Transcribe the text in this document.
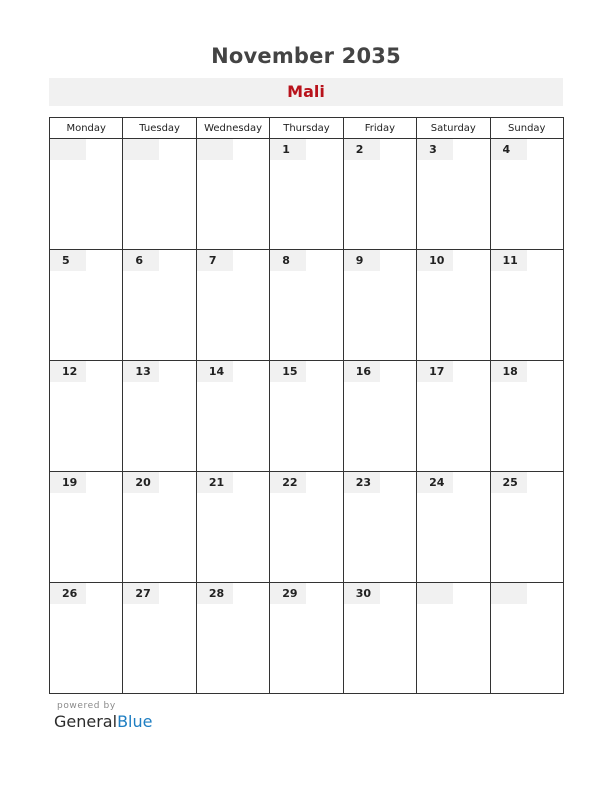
November 2035
Mali
Monday	Tuesday	Wednesday	Thursday	Friday	Saturday	Sunday

			1	2	3	4

5	6	7	8	9	10	11

12	13	14	15	16	17	18

19	20	21	22	23	24	25

26	27	28	29	30		

powered by
GeneralBlue
